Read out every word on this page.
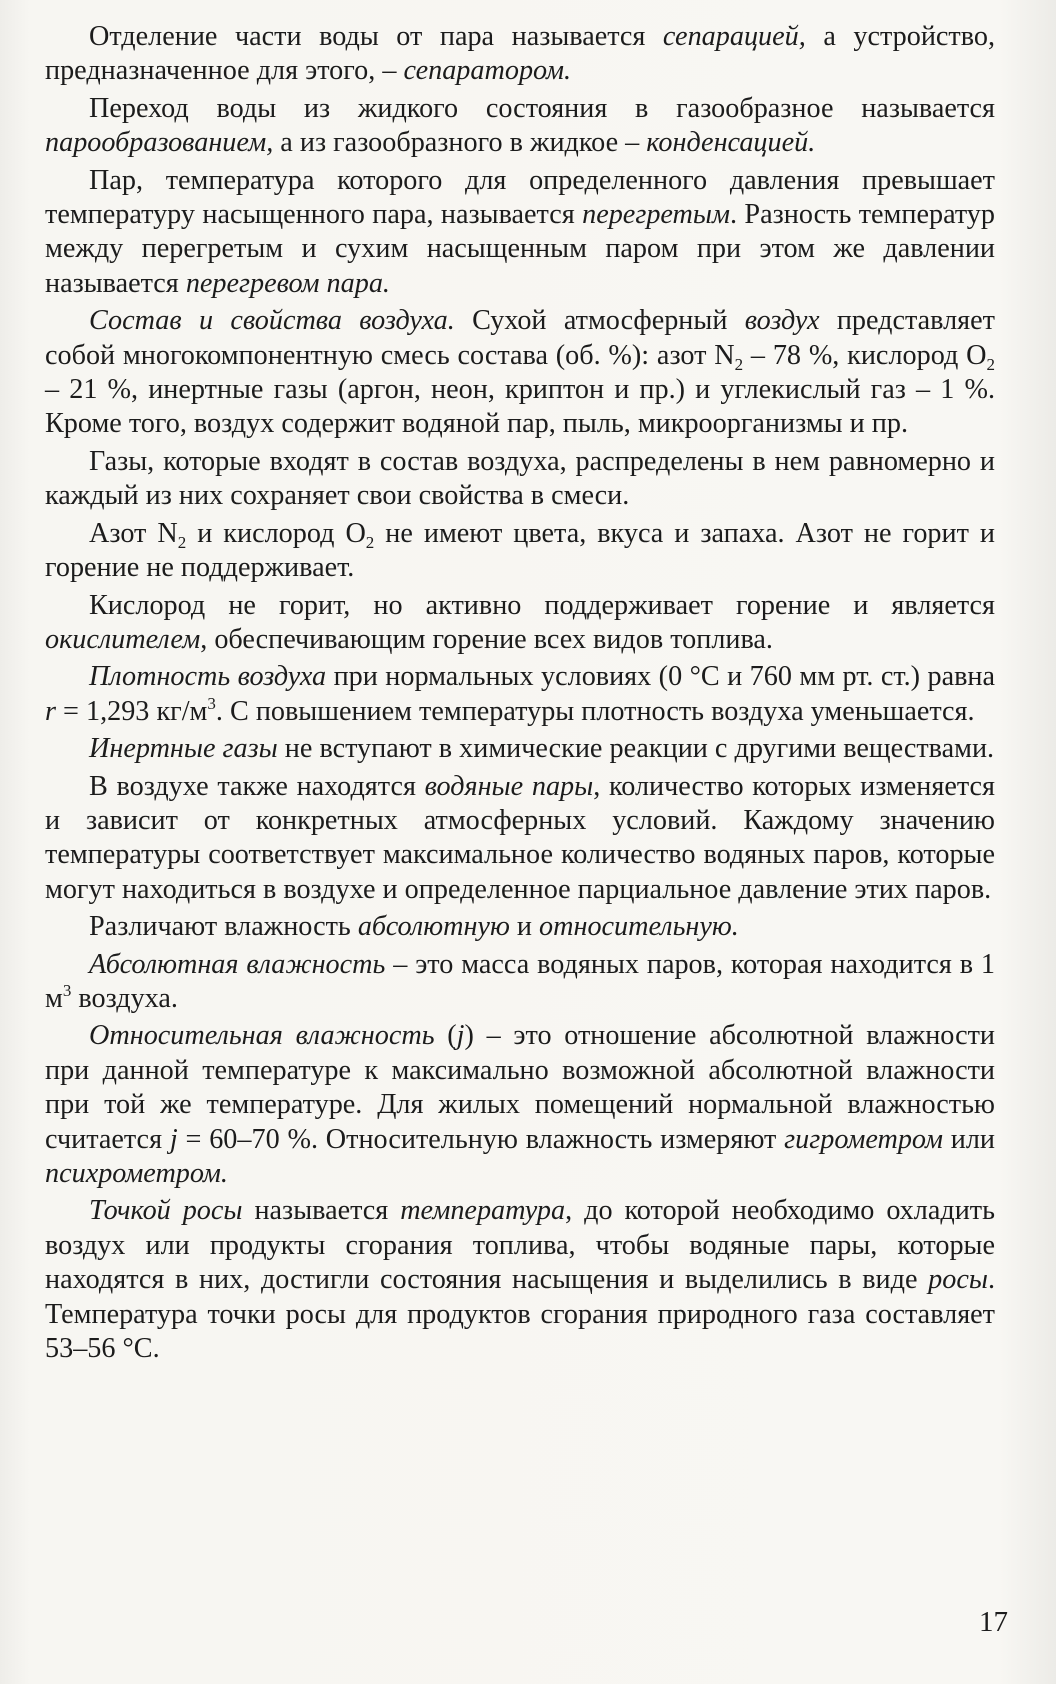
Отделение части воды от пара называется сепарацией, а устройство, предназначенное для этого, – сепаратором.

Переход воды из жидкого состояния в газообразное называется парообразованием, а из газообразного в жидкое – конденсацией.

Пар, температура которого для определенного давления превышает температуру насыщенного пара, называется перегретым. Разность температур между перегретым и сухим насыщенным паром при этом же давлении называется перегревом пара.

Состав и свойства воздуха. Сухой атмосферный воздух представляет собой многокомпонентную смесь состава (об. %): азот $N_2 - 78$ %, кислород $O_2 - 21$ %, инертные газы (аргон, неон, криптон и пр.) и углекислый газ – 1 %. Кроме того, воздух содержит водяной пар, пыль, микроорганизмы и пр.

Газы, которые входят в состав воздуха, распределены в нем равномерно и каждый из них сохраняет свои свойства в смеси.

Азот $N_2$ и кислород $O_2$ не имеют цвета, вкуса и запаха. Азот не горит и горение не поддерживает.

Кислород не горит, но активно поддерживает горение и является окислителем, обеспечивающим горение всех видов топлива.

Плотность воздуха при нормальных условиях (0 °С и 760 мм рт. ст.) равна r = 1,293 $кг/м^3$. С повышением температуры плотность воздуха уменьшается.

Инертные газы не вступают в химические реакции с другими веществами.

В воздухе также находятся водяные пары, количество которых изменяется и зависит от конкретных атмосферных условий. Каждому значению температуры соответствует максимальное количество водяных паров, которые могут находиться в воздухе и определенное парциальное давление этих паров.

Различают влажность абсолютную и относительную.

Абсолютная влажность – это масса водяных паров, которая находится в 1 $м^3$ воздуха.

Относительная влажность (j) – это отношение абсолютной влажности при данной температуре к максимально возможной абсолютной влажности при той же температуре. Для жилых помещений нормальной влажностью считается j = 60–70 %. Относительную влажность измеряют гигрометром или психрометром.

Точкой росы называется температура, до которой необходимо охладить воздух или продукты сгорания топлива, чтобы водяные пары, которые находятся в них, достигли состояния насыщения и выделились в виде росы. Температура точки росы для продуктов сгорания природного газа составляет 53–56 °С.

17
